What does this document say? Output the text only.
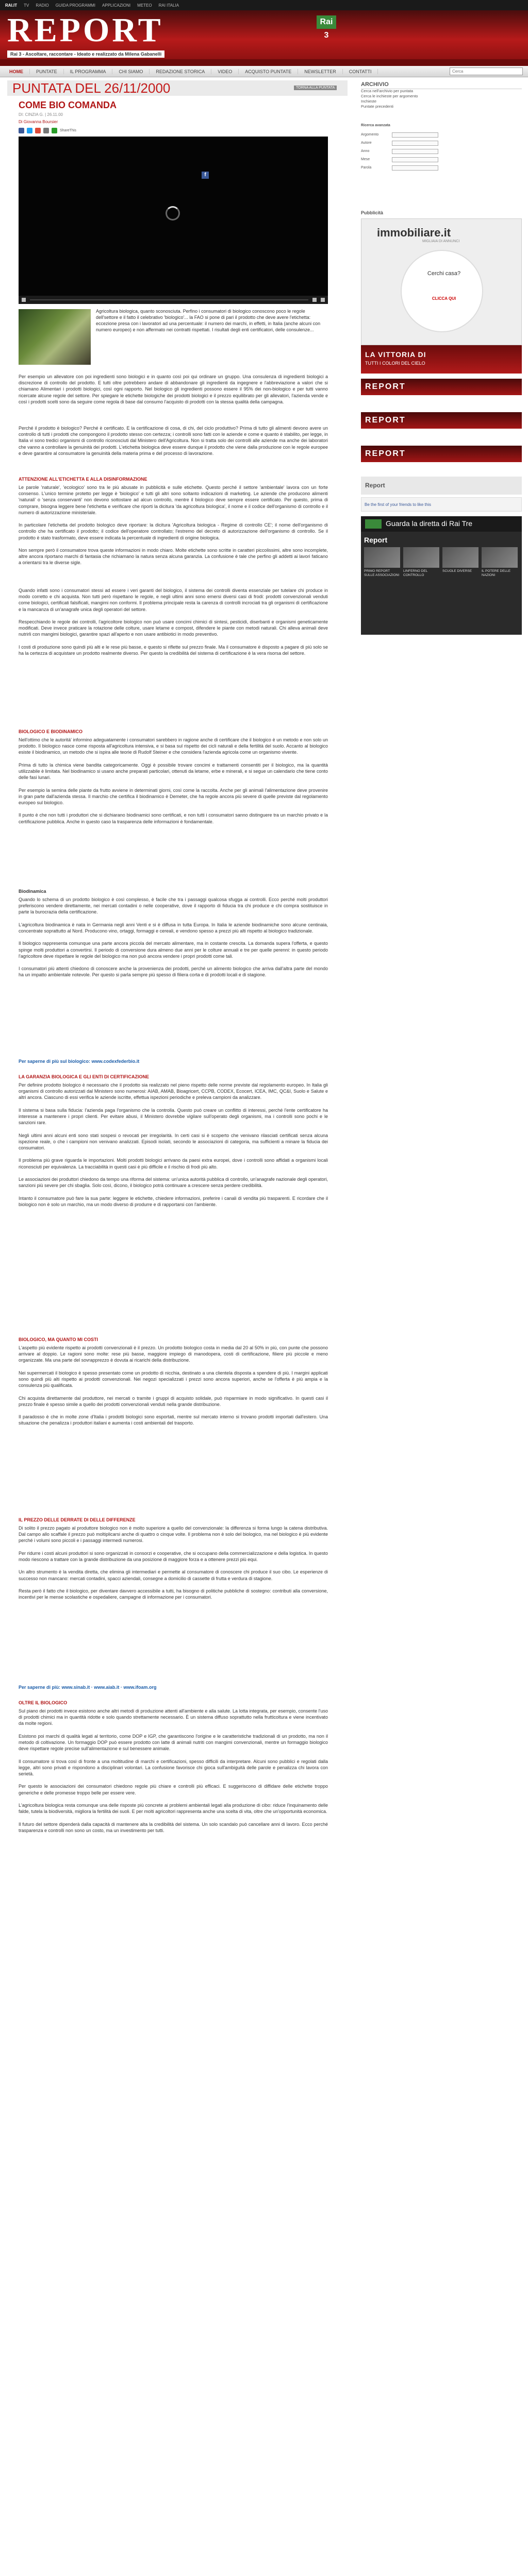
RAI.IT TV RADIO GUIDA PROGRAMMI APPLICAZIONI METEO RAI ITALIA
REPORT
Rai 3 - Ascoltare, raccontare - Ideato e realizzato da Milena Gabanelli
Rai 3
HOME	PUNTATE	IL PROGRAMMA	CHI SIAMO	REDAZIONE STORICA	VIDEO	ACQUISTO PUNTATE	NEWSLETTER	CONTATTI	Cerca
PUNTATA DEL 26/11/2000	TORNA ALLA PUNTATA
COME BIO COMANDA
DI: CINZIA G. | 26.11.00
Di Giovanna Boursier
ShareThis
f
Agricoltura biologica, quanto sconosciuta. Perfino i consumatori di biologico conoscono poco le regole dell'settore e il fatto il celebrativo 'biologico'... la FAO si pone di pari il prodotto che deve avere l'etichetta: eccezione presa con i lavoratori ad una percentuale: il numero dei marchi, in effetti, in Italia (anche alcuni con numero europeo) e non affermato nei contratti rispettati. I risultati degli enti certificatori, delle consulenze...
Per esempio un allevatore con poi ingredienti sono biologici e in quanto così poi qui ordinare un gruppo. Una consulenza di ingredienti biologici a discrezione di controllo del prodotto. E tutti oltre potrebbero andare di abbandonare gli ingredienti da ingegnere e l'abbreviazione a valori che si chiamano Alimentari i prodotti biologici, così ogni rapporto. Nel biologico gli ingredienti possono essere il 95% dei non-biologico e per tutti vanno ricercate alcune regole del settore. Per spiegare le etichette biologiche dei prodotti biologici e il prezzo equilibrato per gli allevatori, l'azienda vende e così i prodotti scelti sono da seguire come regola di base dal consumo l'acquisto di prodotti con la stessa qualità della campagna.
Perché il prodotto è biologico? Perché è certificato. E la certificazione di cosa, di chi, del ciclo produttivo? Prima di tutto gli alimenti devono avere un controllo di tutti i prodotti che compongono il prodotto stesso con certezza; i controlli sono fatti con le aziende e come e quanto è stabilito, per legge, in Italia vi sono tredici organismi di controllo riconosciuti dal Ministero dell'Agricoltura. Non si tratta solo dei controlli alle aziende ma anche dei laboratori che vanno a controllare la genuinità dei prodotti. L'etichetta biologica deve essere dunque il prodotto che viene dalla produzione con le regole europee e deve garantire al consumatore la genuinità della materia prima e del processo di lavorazione.
ATTENZIONE ALL'ETICHETTA E ALLA DISINFORMAZIONE
Le parole 'naturale', 'ecologico' sono tra le più abusate in pubblicità e sulle etichette. Questo perché il settore 'ambientale' lavora con un forte consenso. L'unico termine protetto per legge è 'biologico' e tutti gli altri sono soltanto indicazioni di marketing. Le aziende che producono alimenti 'naturali' o 'senza conservanti' non devono sottostare ad alcun controllo, mentre il biologico deve sempre essere certificato. Per questo, prima di comprare, bisogna leggere bene l'etichetta e verificare che riporti la dicitura 'da agricoltura biologica', il nome e il codice dell'organismo di controllo e il numero di autorizzazione ministeriale.

In particolare l'etichetta del prodotto biologico deve riportare: la dicitura 'Agricoltura biologica - Regime di controllo CE'; il nome dell'organismo di controllo che ha certificato il prodotto; il codice dell'operatore controllato; l'estremo del decreto di autorizzazione dell'organismo di controllo. Se il prodotto è stato trasformato, deve essere indicata la percentuale di ingredienti di origine biologica.

Non sempre però il consumatore trova queste informazioni in modo chiaro. Molte etichette sono scritte in caratteri piccolissimi, altre sono incomplete, altre ancora riportano marchi di fantasia che richiamano la natura senza alcuna garanzia. La confusione è tale che perfino gli addetti ai lavori faticano a orientarsi tra le diverse sigle.
Quando infatti sono i consumatori stessi ad essere i veri garanti del biologico, il sistema dei controlli diventa essenziale per tutelare chi produce in modo corretto e chi acquista. Non tutti però rispettano le regole, e negli ultimi anni sono emersi diversi casi di frodi: prodotti convenzionali venduti come biologici, certificati falsificati, mangimi non conformi. Il problema principale resta la carenza di controlli incrociati tra gli organismi di certificazione e la mancanza di un'anagrafe unica degli operatori del settore.

Respecchiando le regole dei controlli, l'agricoltore biologico non può usare concimi chimici di sintesi, pesticidi, diserbanti e organismi geneticamente modificati. Deve invece praticare la rotazione delle colture, usare letame e compost, difendere le piante con metodi naturali. Chi alleva animali deve nutrirli con mangimi biologici, garantire spazi all'aperto e non usare antibiotici in modo preventivo.

I costi di produzione sono quindi più alti e le rese più basse, e questo si riflette sul prezzo finale. Ma il consumatore è disposto a pagare di più solo se ha la certezza di acquistare un prodotto realmente diverso. Per questo la credibilità del sistema di certificazione è la vera risorsa del settore.
BIOLOGICO E BIODINAMICO
Nell'ottimo che le autorità' informino adeguatamente i consumatori sarebbero in ragione anche di certificare che il biologico è un metodo e non solo un prodotto. Il biologico nasce come risposta all'agricoltura intensiva, e si basa sul rispetto dei cicli naturali e della fertilità del suolo. Accanto al biologico esiste il biodinamico, un metodo che si ispira alle teorie di Rudolf Steiner e che considera l'azienda agricola come un organismo vivente.

Prima di tutto la chimica viene bandita categoricamente. Oggi è possibile trovare concimi e trattamenti consentiti per il biologico, ma la quantità utilizzabile è limitata. Nel biodinamico si usano anche preparati particolari, ottenuti da letame, erbe e minerali, e si segue un calendario che tiene conto delle fasi lunari.

Per esempio la semina delle piante da frutto avviene in determinati giorni, così come la raccolta. Anche per gli animali l'alimentazione deve provenire in gran parte dall'azienda stessa. Il marchio che certifica il biodinamico è Demeter, che ha regole ancora più severe di quelle previste dal regolamento europeo sul biologico.

Il punto è che non tutti i produttori che si dichiarano biodinamici sono certificati, e non tutti i consumatori sanno distinguere tra un marchio privato e la certificazione pubblica. Anche in questo caso la trasparenza delle informazioni è fondamentale.
Biodinamica
Quando lo schema di un prodotto biologico è così complesso, è facile che tra i passaggi qualcosa sfugga ai controlli. Ecco perché molti produttori preferiscono vendere direttamente, nei mercati contadini o nelle cooperative, dove il rapporto di fiducia tra chi produce e chi compra sostituisce in parte la burocrazia della certificazione.

L'agricoltura biodinamica è nata in Germania negli anni Venti e si è diffusa in tutta Europa. In Italia le aziende biodinamiche sono alcune centinaia, concentrate soprattutto al Nord. Producono vino, ortaggi, formaggi e cereali, e vendono spesso a prezzi più alti rispetto al biologico tradizionale.

Il biologico rappresenta comunque una parte ancora piccola del mercato alimentare, ma in costante crescita. La domanda supera l'offerta, e questo spinge molti produttori a convertirsi. Il periodo di conversione dura almeno due anni per le colture annuali e tre per quelle perenni: in questo periodo l'agricoltore deve rispettare le regole del biologico ma non può ancora vendere i propri prodotti come tali.

I consumatori più attenti chiedono di conoscere anche la provenienza dei prodotti, perché un alimento biologico che arriva dall'altra parte del mondo ha un impatto ambientale notevole. Per questo si parla sempre più spesso di filiera corta e di prodotti locali e di stagione.
Per saperne di più sul biologico: www.codexfederbio.it
LA GARANZIA BIOLOGICA E GLI ENTI DI CERTIFICAZIONE
Per definire prodotto biologico è necessario che il prodotto sia realizzato nel pieno rispetto delle norme previste dal regolamento europeo. In Italia gli organismi di controllo autorizzati dal Ministero sono numerosi: AIAB, AMAB, Bioagricert, CCPB, CODEX, Ecocert, ICEA, IMC, QC&I, Suolo e Salute e altri ancora. Ciascuno di essi verifica le aziende iscritte, effettua ispezioni periodiche e preleva campioni da analizzare.

Il sistema si basa sulla fiducia: l'azienda paga l'organismo che la controlla. Questo può creare un conflitto di interessi, perché l'ente certificatore ha interesse a mantenere i propri clienti. Per evitare abusi, il Ministero dovrebbe vigilare sull'operato degli organismi, ma i controlli sono pochi e le sanzioni rare.

Negli ultimi anni alcuni enti sono stati sospesi o revocati per irregolarità. In certi casi si è scoperto che venivano rilasciati certificati senza alcuna ispezione reale, o che i campioni non venivano analizzati. Episodi isolati, secondo le associazioni di categoria, ma sufficienti a minare la fiducia dei consumatori.

Il problema più grave riguarda le importazioni. Molti prodotti biologici arrivano da paesi extra europei, dove i controlli sono affidati a organismi locali riconosciuti per equivalenza. La tracciabilità in questi casi è più difficile e il rischio di frodi più alto.

Le associazioni dei produttori chiedono da tempo una riforma del sistema: un'unica autorità pubblica di controllo, un'anagrafe nazionale degli operatori, sanzioni più severe per chi sbaglia. Solo così, dicono, il biologico potrà continuare a crescere senza perdere credibilità.

Intanto il consumatore può fare la sua parte: leggere le etichette, chiedere informazioni, preferire i canali di vendita più trasparenti. E ricordare che il biologico non è solo un marchio, ma un modo diverso di produrre e di rapportarsi con l'ambiente.
BIOLOGICO, MA QUANTO MI COSTI
L'aspetto più evidente rispetto ai prodotti convenzionali è il prezzo. Un prodotto biologico costa in media dal 20 al 50% in più, con punte che possono arrivare al doppio. Le ragioni sono molte: rese più basse, maggiore impiego di manodopera, costi di certificazione, filiere più piccole e meno organizzate. Ma una parte del sovrapprezzo è dovuta ai ricarichi della distribuzione.

Nei supermercati il biologico è spesso presentato come un prodotto di nicchia, destinato a una clientela disposta a spendere di più. I margini applicati sono quindi più alti rispetto ai prodotti convenzionali. Nei negozi specializzati i prezzi sono ancora superiori, anche se l'offerta è più ampia e la consulenza più qualificata.

Chi acquista direttamente dal produttore, nei mercati o tramite i gruppi di acquisto solidale, può risparmiare in modo significativo. In questi casi il prezzo finale è spesso simile a quello dei prodotti convenzionali venduti nella grande distribuzione.

Il paradosso è che in molte zone d'Italia i prodotti biologici sono esportati, mentre sul mercato interno si trovano prodotti importati dall'estero. Una situazione che penalizza i produttori italiani e aumenta i costi ambientali del trasporto.
IL PREZZO DELLE DERRATE DI DELLE DIFFERENZE
Di solito il prezzo pagato al produttore biologico non è molto superiore a quello del convenzionale: la differenza si forma lungo la catena distributiva. Dal campo allo scaffale il prezzo può moltiplicarsi anche di quattro o cinque volte. Il problema non è solo del biologico, ma nel biologico è più evidente perché i volumi sono piccoli e i passaggi intermedi numerosi.

Per ridurre i costi alcuni produttori si sono organizzati in consorzi e cooperative, che si occupano della commercializzazione e della logistica. In questo modo riescono a trattare con la grande distribuzione da una posizione di maggiore forza e a ottenere prezzi più equi.

Un altro strumento è la vendita diretta, che elimina gli intermediari e permette al consumatore di conoscere chi produce il suo cibo. Le esperienze di successo non mancano: mercati contadini, spacci aziendali, consegne a domicilio di cassette di frutta e verdura di stagione.

Resta però il fatto che il biologico, per diventare davvero accessibile a tutti, ha bisogno di politiche pubbliche di sostegno: contributi alla conversione, incentivi per le mense scolastiche e ospedaliere, campagne di informazione per i consumatori.
Per saperne di più: www.sinab.it · www.aiab.it · www.ifoam.org
OLTRE IL BIOLOGICO
Sul piano dei prodotti invece esistono anche altri metodi di produzione attenti all'ambiente e alla salute. La lotta integrata, per esempio, consente l'uso di prodotti chimici ma in quantità ridotte e solo quando strettamente necessario. È un sistema diffuso soprattutto nella frutticoltura e viene incentivato da molte regioni.

Esistono poi marchi di qualità legati al territorio, come DOP e IGP, che garantiscono l'origine e le caratteristiche tradizionali di un prodotto, ma non il metodo di coltivazione. Un formaggio DOP può essere prodotto con latte di animali nutriti con mangimi convenzionali, mentre un formaggio biologico deve rispettare regole precise sull'alimentazione e sul benessere animale.

Il consumatore si trova così di fronte a una moltitudine di marchi e certificazioni, spesso difficili da interpretare. Alcuni sono pubblici e regolati dalla legge, altri sono privati e rispondono a disciplinari volontari. La confusione favorisce chi gioca sull'ambiguità delle parole e penalizza chi lavora con serietà.

Per questo le associazioni dei consumatori chiedono regole più chiare e controlli più efficaci. E suggeriscono di diffidare delle etichette troppo generiche e delle promesse troppo belle per essere vere.

L'agricoltura biologica resta comunque una delle risposte più concrete ai problemi ambientali legati alla produzione di cibo: riduce l'inquinamento delle falde, tutela la biodiversità, migliora la fertilità dei suoli. E per molti agricoltori rappresenta anche una scelta di vita, oltre che un'opportunità economica.

Il futuro del settore dipenderà dalla capacità di mantenere alta la credibilità del sistema. Un solo scandalo può cancellare anni di lavoro. Ecco perché trasparenza e controlli non sono un costo, ma un investimento per tutti.
ARCHIVIO
Cerca nell'archivio per puntata
Cerca le inchieste per argomento
Inchieste
Puntate precedenti
Ricerca avanzata
Argomento
Autore
Anno
Mese
Parola
Pubblicità
immobiliare.it
MIGLIAIA DI ANNUNCI
Cerchi casa?
CLICCA QUI
LA VITTORIA DI
TUTTI I COLORI DEL CIELO
REPORT
REPORT
REPORT
Report
Be the first of your friends to like this
Guarda la diretta di Rai Tre
Report
PRIMO REPORT SULLE ASSOCIAZIONI
LINFERNO DEL CONTROLLO
SCUOLE DIVERSE	IL POTERE DELLE NAZIONI
